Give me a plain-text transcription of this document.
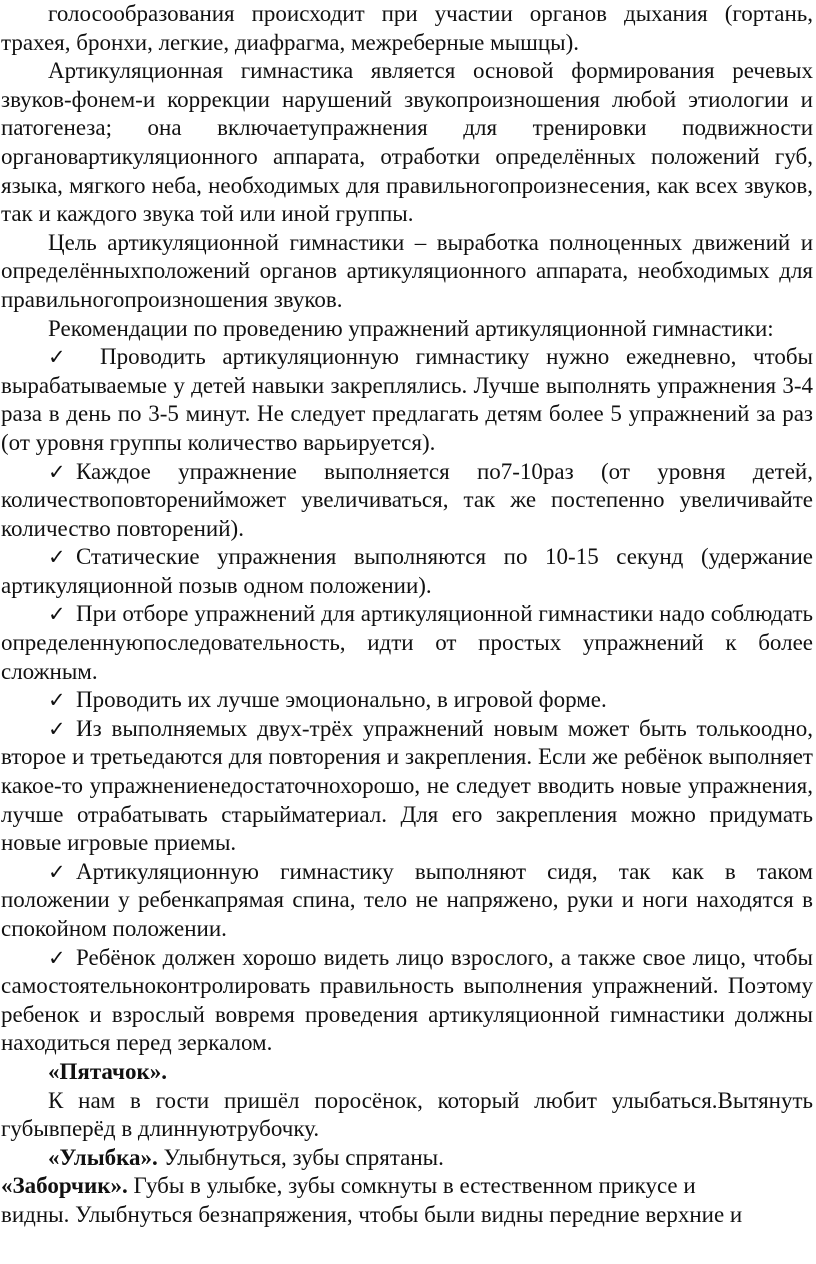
голосообразования происходит при участии органов дыхания (гортань, трахея, бронхи, легкие, диафрагма, межреберные мышцы).

Артикуляционная гимнастика является основой формирования речевых звуков-фонем-и коррекции нарушений звукопроизношения любой этиологии и патогенеза; она включаетупражнения для тренировки подвижности органовартикуляционного аппарата, отработки определённых положений губ, языка, мягкого неба, необходимых для правильногопроизнесения, как всех звуков, так и каждого звука той или иной группы.

Цель артикуляционной гимнастики – выработка полноценных движений и определённыхположений органов артикуляционного аппарата, необходимых для правильногопроизношения звуков.

Рекомендации по проведению упражнений артикуляционной гимнастики:

✓ Проводить артикуляционную гимнастику нужно ежедневно, чтобы вырабатываемые у детей навыки закреплялись. Лучше выполнять упражнения 3-4 раза в день по 3-5 минут. Не следует предлагать детям более 5 упражнений за раз (от уровня группы количество варьируется).

✓ Каждое упражнение выполняется по7-10раз (от уровня детей, количествоповторенийможет увеличиваться, так же постепенно увеличивайте количество повторений).

✓ Статические упражнения выполняются по 10-15 секунд (удержание артикуляционной позыв одном положении).

✓ При отборе упражнений для артикуляционной гимнастики надо соблюдать определеннуюпоследовательность, идти от простых упражнений к более сложным.

✓ Проводить их лучше эмоционально, в игровой форме.

✓ Из выполняемых двух-трёх упражнений новым может быть толькоодно, второе и третьедаются для повторения и закрепления. Если же ребёнок выполняет какое-то упражнениенедостаточнохорошо, не следует вводить новые упражнения, лучше отрабатывать старыйматериал. Для его закрепления можно придумать новые игровые приемы.

✓ Артикуляционную гимнастику выполняют сидя, так как в таком положении у ребенкапрямая спина, тело не напряжено, руки и ноги находятся в спокойном положении.

✓ Ребёнок должен хорошо видеть лицо взрослого, а также свое лицо, чтобы самостоятельноконтролировать правильность выполнения упражнений. Поэтому ребенок и взрослый вовремя проведения артикуляционной гимнастики должны находиться перед зеркалом.

«Пятачок».

К нам в гости пришёл поросёнок, который любит улыбаться.Вытянуть губывперёд в длиннуютрубочку.

«Улыбка». Улыбнуться, зубы спрятаны.

«Заборчик». Губы в улыбке, зубы сомкнуты в естественном прикусе и
видны. Улыбнуться безнапряжения, чтобы были видны передние верхние и
